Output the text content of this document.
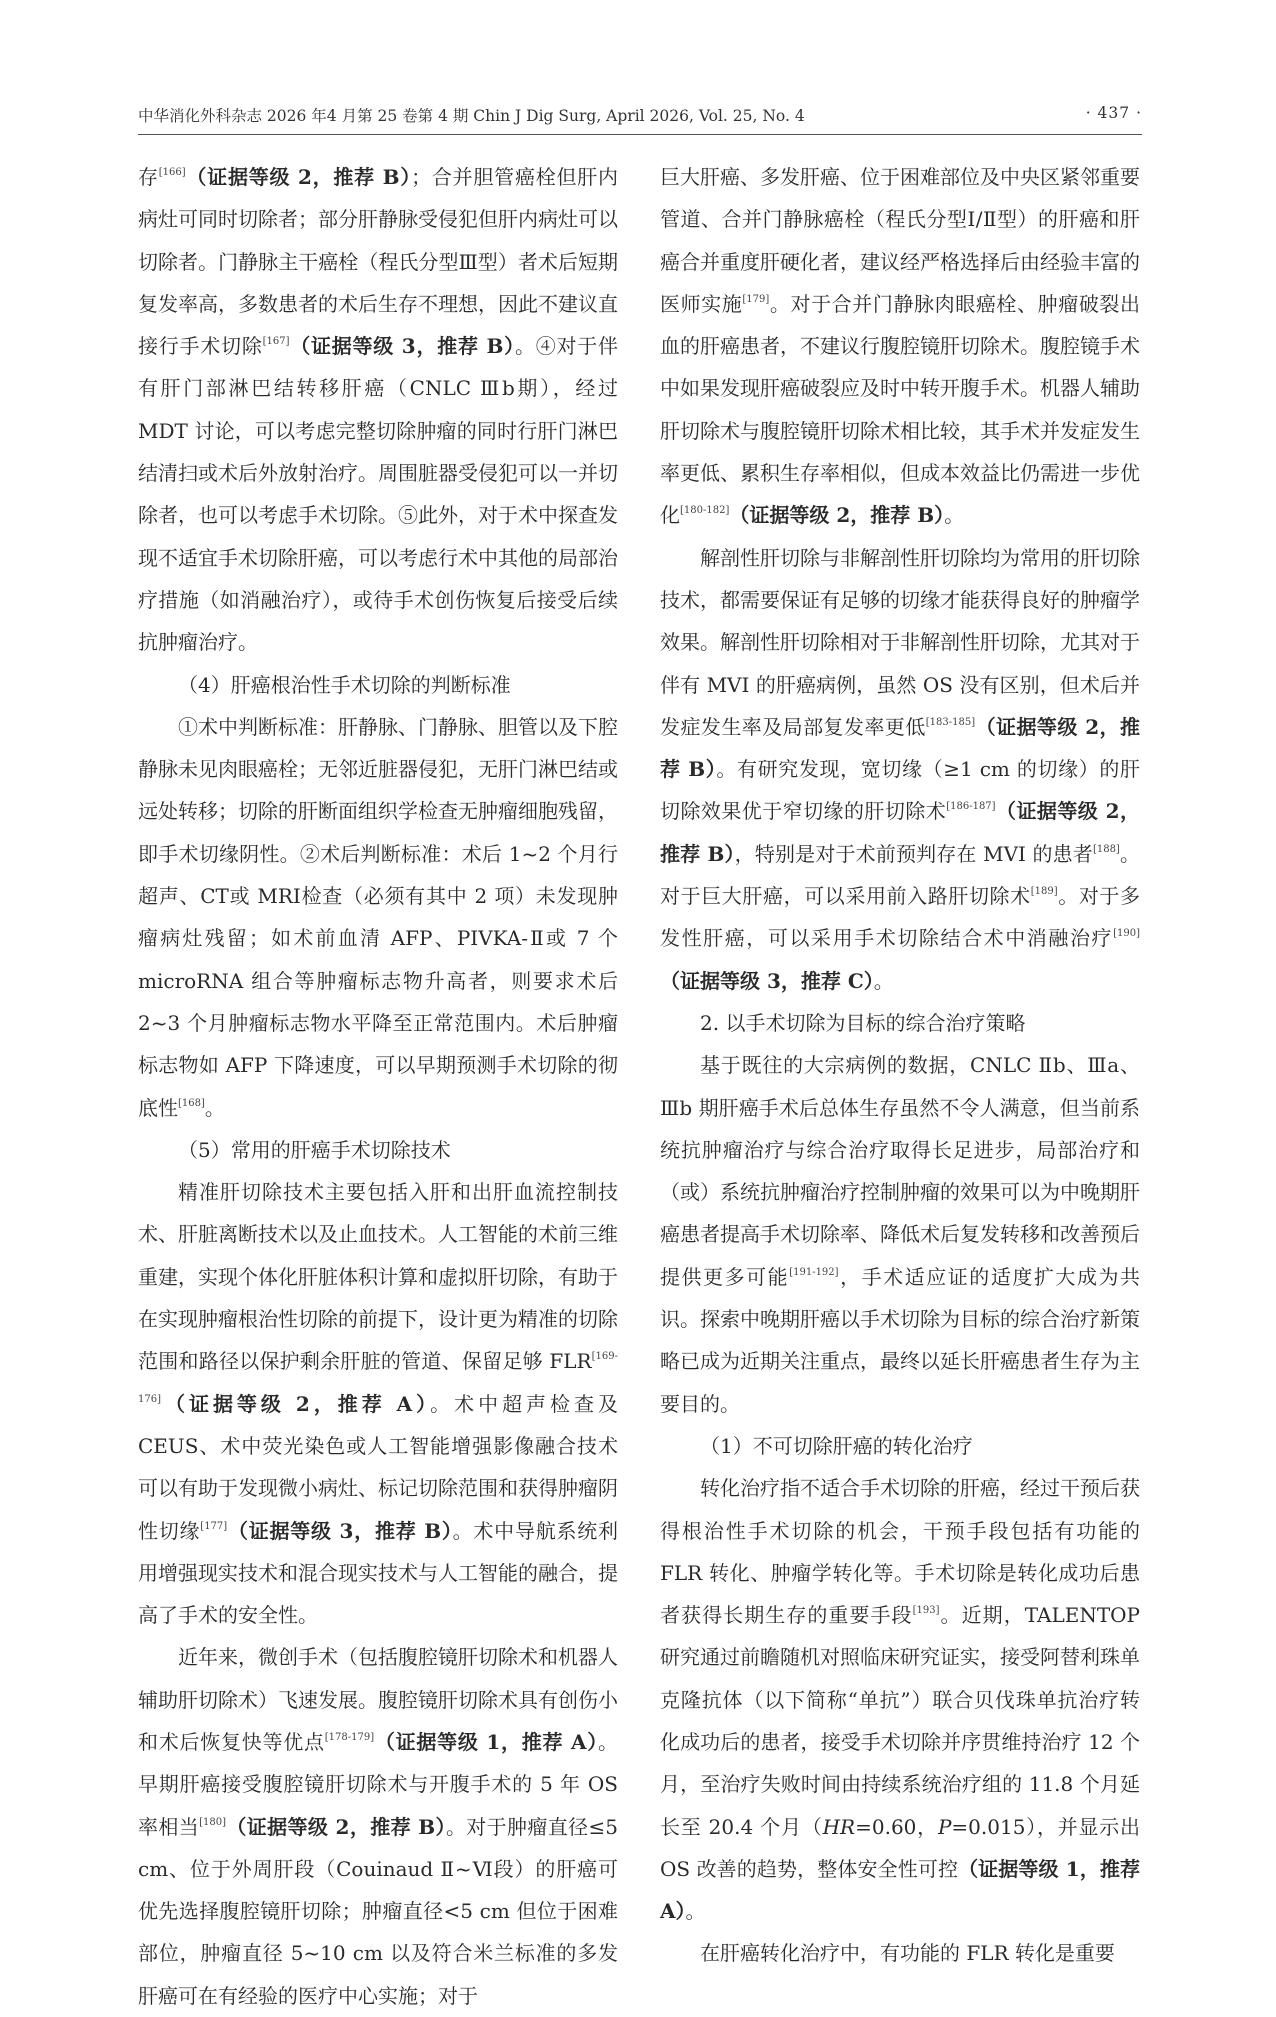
中华消化外科杂志 2026 年4 月第 25 卷第 4 期 Chin J Dig Surg, April 2026, Vol. 25, No. 4	· 437 ·

存[166]（证据等级 2，推荐 B）；合并胆管癌栓但肝内病灶可同时切除者；部分肝静脉受侵犯但肝内病灶可以切除者。门静脉主干癌栓（程氏分型Ⅲ型）者术后短期复发率高，多数患者的术后生存不理想，因此不建议直接行手术切除[167]（证据等级 3，推荐 B）。④对于伴有肝门部淋巴结转移肝癌（CNLC Ⅲb期），经过 MDT 讨论，可以考虑完整切除肿瘤的同时行肝门淋巴结清扫或术后外放射治疗。周围脏器受侵犯可以一并切除者，也可以考虑手术切除。⑤此外，对于术中探查发现不适宜手术切除肝癌，可以考虑行术中其他的局部治疗措施（如消融治疗），或待手术创伤恢复后接受后续抗肿瘤治疗。

（4）肝癌根治性手术切除的判断标准

①术中判断标准：肝静脉、门静脉、胆管以及下腔静脉未见肉眼癌栓；无邻近脏器侵犯，无肝门淋巴结或远处转移；切除的肝断面组织学检查无肿瘤细胞残留，即手术切缘阴性。②术后判断标准：术后 1~2 个月行超声、CT或 MRI检查（必须有其中 2 项）未发现肿瘤病灶残留；如术前血清 AFP、PIVKA-Ⅱ或 7 个 microRNA 组合等肿瘤标志物升高者，则要求术后 2~3 个月肿瘤标志物水平降至正常范围内。术后肿瘤标志物如 AFP 下降速度，可以早期预测手术切除的彻底性[168]。

（5）常用的肝癌手术切除技术

精准肝切除技术主要包括入肝和出肝血流控制技术、肝脏离断技术以及止血技术。人工智能的术前三维重建，实现个体化肝脏体积计算和虚拟肝切除，有助于在实现肿瘤根治性切除的前提下，设计更为精准的切除范围和路径以保护剩余肝脏的管道、保留足够 FLR[169-176]（证据等级 2，推荐 A）。术中超声检查及 CEUS、术中荧光染色或人工智能增强影像融合技术可以有助于发现微小病灶、标记切除范围和获得肿瘤阴性切缘[177]（证据等级 3，推荐 B）。术中导航系统利用增强现实技术和混合现实技术与人工智能的融合，提高了手术的安全性。

近年来，微创手术（包括腹腔镜肝切除术和机器人辅助肝切除术）飞速发展。腹腔镜肝切除术具有创伤小和术后恢复快等优点[178-179]（证据等级 1，推荐 A）。早期肝癌接受腹腔镜肝切除术与开腹手术的 5 年 OS 率相当[180]（证据等级 2，推荐 B）。对于肿瘤直径≤5 cm、位于外周肝段（Couinaud Ⅱ~Ⅵ段）的肝癌可优先选择腹腔镜肝切除；肿瘤直径<5 cm 但位于困难部位，肿瘤直径 5~10 cm 以及符合米兰标准的多发肝癌可在有经验的医疗中心实施；对于

巨大肝癌、多发肝癌、位于困难部位及中央区紧邻重要管道、合并门静脉癌栓（程氏分型Ⅰ/Ⅱ型）的肝癌和肝癌合并重度肝硬化者，建议经严格选择后由经验丰富的医师实施[179]。对于合并门静脉肉眼癌栓、肿瘤破裂出血的肝癌患者，不建议行腹腔镜肝切除术。腹腔镜手术中如果发现肝癌破裂应及时中转开腹手术。机器人辅助肝切除术与腹腔镜肝切除术相比较，其手术并发症发生率更低、累积生存率相似，但成本效益比仍需进一步优化[180-182]（证据等级 2，推荐 B）。

解剖性肝切除与非解剖性肝切除均为常用的肝切除技术，都需要保证有足够的切缘才能获得良好的肿瘤学效果。解剖性肝切除相对于非解剖性肝切除，尤其对于伴有 MVI 的肝癌病例，虽然 OS 没有区别，但术后并发症发生率及局部复发率更低[183-185]（证据等级 2，推荐 B）。有研究发现，宽切缘（≥1 cm 的切缘）的肝切除效果优于窄切缘的肝切除术[186-187]（证据等级 2，推荐 B），特别是对于术前预判存在 MVI 的患者[188]。对于巨大肝癌，可以采用前入路肝切除术[189]。对于多发性肝癌，可以采用手术切除结合术中消融治疗[190]（证据等级 3，推荐 C）。

2. 以手术切除为目标的综合治疗策略

基于既往的大宗病例的数据，CNLC Ⅱb、Ⅲa、Ⅲb 期肝癌手术后总体生存虽然不令人满意，但当前系统抗肿瘤治疗与综合治疗取得长足进步，局部治疗和（或）系统抗肿瘤治疗控制肿瘤的效果可以为中晚期肝癌患者提高手术切除率、降低术后复发转移和改善预后提供更多可能[191-192]，手术适应证的适度扩大成为共识。探索中晚期肝癌以手术切除为目标的综合治疗新策略已成为近期关注重点，最终以延长肝癌患者生存为主要目的。

（1）不可切除肝癌的转化治疗

转化治疗指不适合手术切除的肝癌，经过干预后获得根治性手术切除的机会，干预手段包括有功能的 FLR 转化、肿瘤学转化等。手术切除是转化成功后患者获得长期生存的重要手段[193]。近期，TALENTOP 研究通过前瞻随机对照临床研究证实，接受阿替利珠单克隆抗体（以下简称“单抗”）联合贝伐珠单抗治疗转化成功后的患者，接受手术切除并序贯维持治疗 12 个月，至治疗失败时间由持续系统治疗组的 11.8 个月延长至 20.4 个月（HR=0.60，P=0.015），并显示出 OS 改善的趋势，整体安全性可控（证据等级 1，推荐 A）。

在肝癌转化治疗中，有功能的 FLR 转化是重要
